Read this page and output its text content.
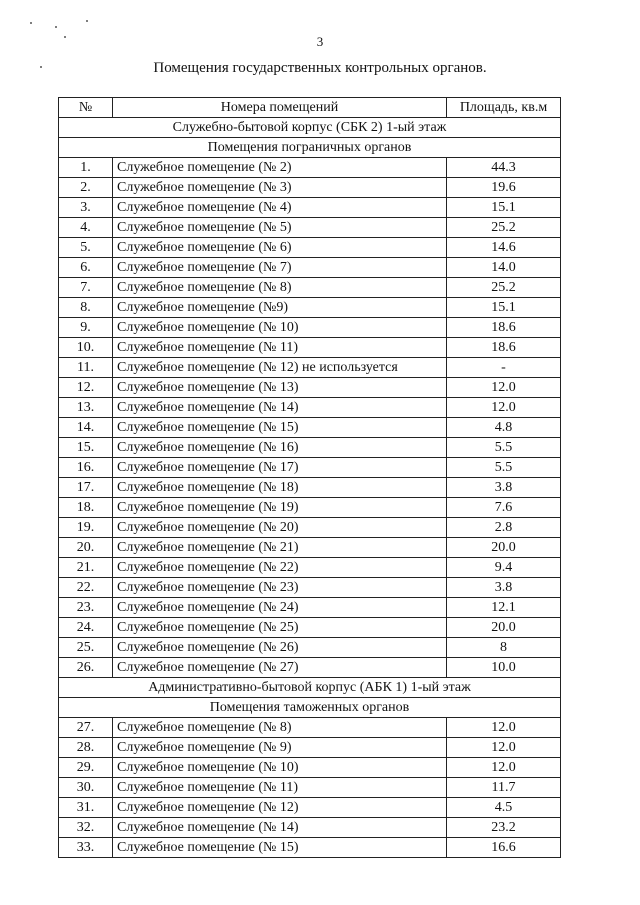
3
Помещения государственных контрольных органов.
№	Номера помещений	Площадь, кв.м
Служебно-бытовой корпус (СБК 2) 1-ый этаж		
Помещения пограничных органов		
1.	Служебное помещение (№ 2)	44.3
2.	Служебное помещение (№ 3)	19.6
3.	Служебное помещение (№ 4)	15.1
4.	Служебное помещение (№ 5)	25.2
5.	Служебное помещение (№ 6)	14.6
6.	Служебное помещение (№ 7)	14.0
7.	Служебное помещение (№ 8)	25.2
8.	Служебное помещение (№9)	15.1
9.	Служебное помещение (№ 10)	18.6
10.	Служебное помещение (№ 11)	18.6
11.	Служебное помещение (№ 12) не используется	-
12.	Служебное помещение (№ 13)	12.0
13.	Служебное помещение (№ 14)	12.0
14.	Служебное помещение (№ 15)	4.8
15.	Служебное помещение (№ 16)	5.5
16.	Служебное помещение (№ 17)	5.5
17.	Служебное помещение (№ 18)	3.8
18.	Служебное помещение (№ 19)	7.6
19.	Служебное помещение (№ 20)	2.8
20.	Служебное помещение (№ 21)	20.0
21.	Служебное помещение (№ 22)	9.4
22.	Служебное помещение (№ 23)	3.8
23.	Служебное помещение (№ 24)	12.1
24.	Служебное помещение (№ 25)	20.0
25.	Служебное помещение (№ 26)	8
26.	Служебное помещение (№ 27)	10.0
Административно-бытовой корпус (АБК 1) 1-ый этаж		
Помещения таможенных органов		
27.	Служебное помещение (№ 8)	12.0
28.	Служебное помещение (№ 9)	12.0
29.	Служебное помещение (№ 10)	12.0
30.	Служебное помещение (№ 11)	11.7
31.	Служебное помещение (№ 12)	4.5
32.	Служебное помещение (№ 14)	23.2
33.	Служебное помещение (№ 15)	16.6
